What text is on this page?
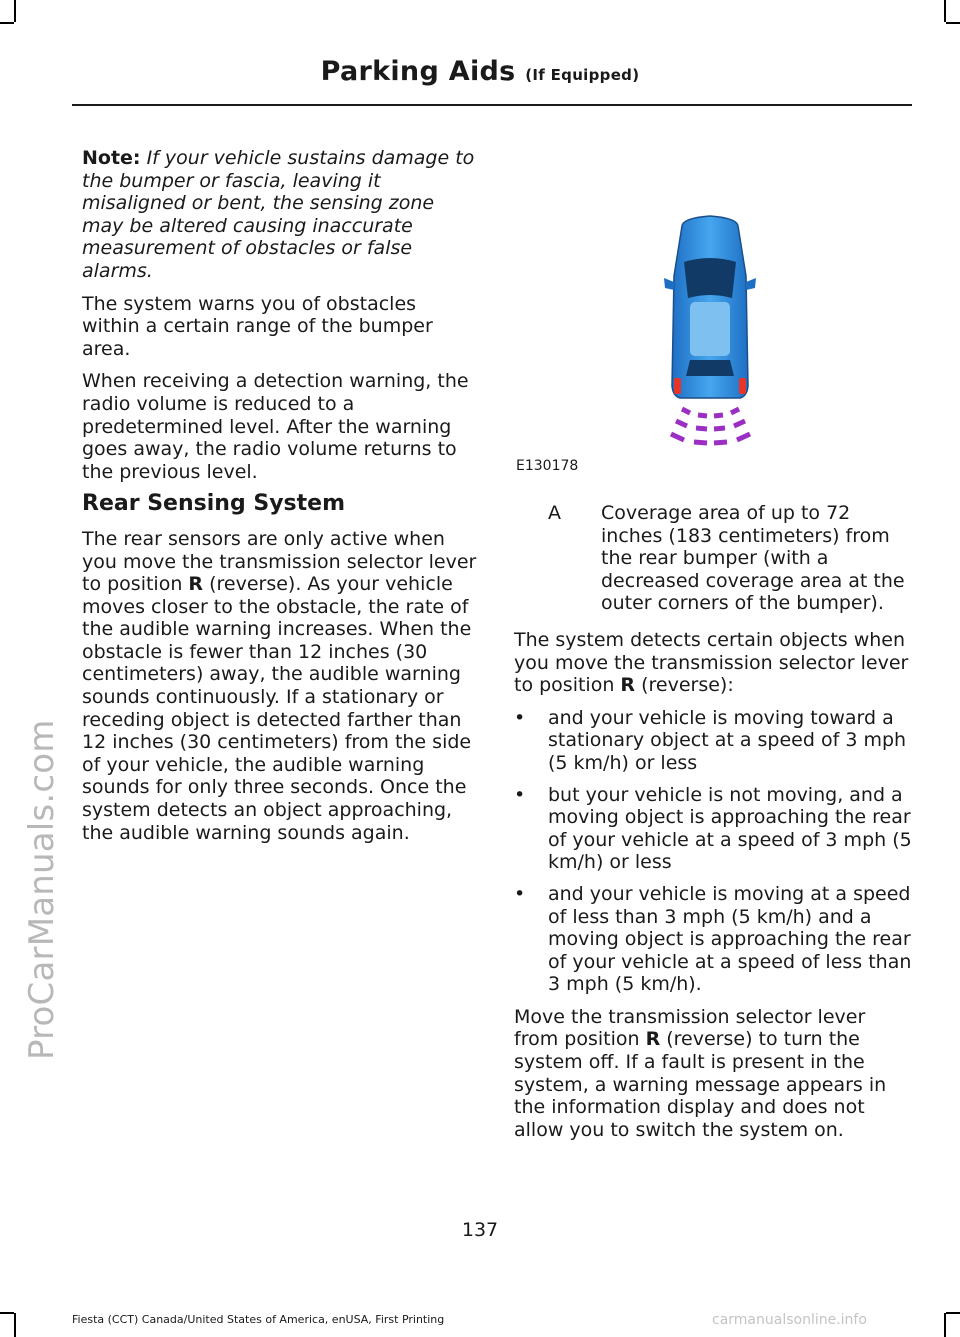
Parking Aids (If Equipped)
ProCarManuals.com

Note: If your vehicle sustains damage to the bumper or fascia, leaving it misaligned or bent, the sensing zone may be altered causing inaccurate measurement of obstacles or false alarms.

The system warns you of obstacles within a certain range of the bumper area.

When receiving a detection warning, the radio volume is reduced to a predetermined level. After the warning goes away, the radio volume returns to the previous level.

Rear Sensing System

The rear sensors are only active when you move the transmission selector lever to position R (reverse). As your vehicle moves closer to the obstacle, the rate of the audible warning increases. When the obstacle is fewer than 12 inches (30 centimeters) away, the audible warning sounds continuously. If a stationary or receding object is detected farther than 12 inches (30 centimeters) from the side of your vehicle, the audible warning sounds for only three seconds. Once the system detects an object approaching, the audible warning sounds again.

E130178
A	Coverage area of up to 72 inches (183 centimeters) from the rear bumper (with a decreased coverage area at the outer corners of the bumper).

The system detects certain objects when you move the transmission selector lever to position R (reverse):

•	and your vehicle is moving toward a stationary object at a speed of 3 mph (5 km/h) or less
•	but your vehicle is not moving, and a moving object is approaching the rear of your vehicle at a speed of 3 mph (5 km/h) or less
•	and your vehicle is moving at a speed of less than 3 mph (5 km/h) and a moving object is approaching the rear of your vehicle at a speed of less than 3 mph (5 km/h).

Move the transmission selector lever from position R (reverse) to turn the system off. If a fault is present in the system, a warning message appears in the information display and does not allow you to switch the system on.

137
Fiesta (CCT) Canada/United States of America, enUSA, First Printing	carmanualsonline.info
